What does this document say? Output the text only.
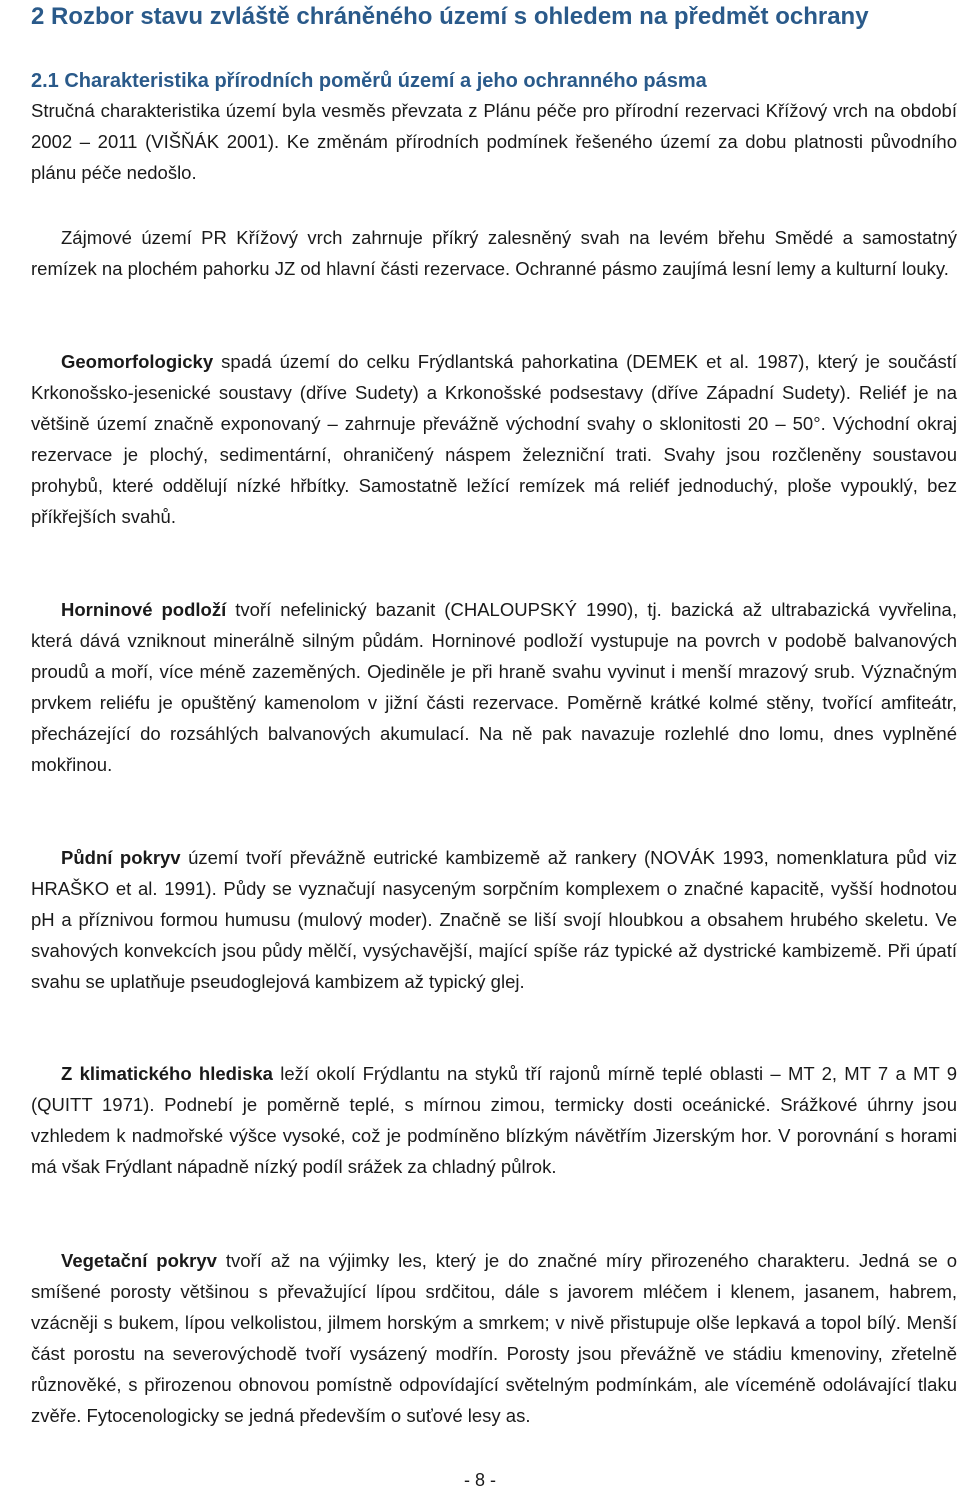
2 Rozbor stavu zvláště chráněného území s ohledem na předmět ochrany
2.1 Charakteristika přírodních poměrů území a jeho ochranného pásma

Stručná charakteristika území byla vesměs převzata z Plánu péče pro přírodní rezervaci Křížový vrch na období 2002 – 2011 (VIŠŇÁK 2001). Ke změnám přírodních podmínek řešeného území za dobu platnosti původního plánu péče nedošlo.

Zájmové území PR Křížový vrch zahrnuje příkrý zalesněný svah na levém břehu Smědé a samostatný remízek na plochém pahorku JZ od hlavní části rezervace. Ochranné pásmo zaujímá lesní lemy a kulturní louky.

Geomorfologicky spadá území do celku Frýdlantská pahorkatina (DEMEK et al. 1987), který je součástí Krkonošsko-jesenické soustavy (dříve Sudety) a Krkonošské podsestavy (dříve Západní Sudety). Reliéf je na většině území značně exponovaný – zahrnuje převážně východní svahy o sklonitosti 20 – 50°. Východní okraj rezervace je plochý, sedimentární, ohraničený náspem železniční trati. Svahy jsou rozčleněny soustavou prohybů, které oddělují nízké hřbítky. Samostatně ležící remízek má reliéf jednoduchý, ploše vypouklý, bez příkřejších svahů.

Horninové podloží tvoří nefelinický bazanit (CHALOUPSKÝ 1990), tj. bazická až ultrabazická vyvřelina, která dává vzniknout minerálně silným půdám. Horninové podloží vystupuje na povrch v podobě balvanových proudů a moří, více méně zazeměných. Ojediněle je při hraně svahu vyvinut i menší mrazový srub. Význačným prvkem reliéfu je opuštěný kamenolom v jižní části rezervace. Poměrně krátké kolmé stěny, tvořící amfiteátr, přecházející do rozsáhlých balvanových akumulací. Na ně pak navazuje rozlehlé dno lomu, dnes vyplněné mokřinou.

Půdní pokryv území tvoří převážně eutrické kambizemě až rankery (NOVÁK 1993, nomenklatura půd viz HRAŠKO et al. 1991). Půdy se vyznačují nasyceným sorpčním komplexem o značné kapacitě, vyšší hodnotou pH a příznivou formou humusu (mulový moder). Značně se liší svojí hloubkou a obsahem hrubého skeletu. Ve svahových konvekcích jsou půdy mělčí, vysýchavější, mající spíše ráz typické až dystrické kambizemě. Při úpatí svahu se uplatňuje pseudoglejová kambizem až typický glej.

Z klimatického hlediska leží okolí Frýdlantu na styků tří rajonů mírně teplé oblasti – MT 2, MT 7 a MT 9 (QUITT 1971). Podnebí je poměrně teplé, s mírnou zimou, termicky dosti oceánické. Srážkové úhrny jsou vzhledem k nadmořské výšce vysoké, což je podmíněno blízkým návětřím Jizerským hor. V porovnání s horami má však Frýdlant nápadně nízký podíl srážek za chladný půlrok.

Vegetační pokryv tvoří až na výjimky les, který je do značné míry přirozeného charakteru. Jedná se o smíšené porosty většinou s převažující lípou srdčitou, dále s javorem mléčem i klenem, jasanem, habrem, vzácněji s bukem, lípou velkolistou, jilmem horským a smrkem; v nivě přistupuje olše lepkavá a topol bílý. Menší část porostu na severovýchodě tvoří vysázený modřín. Porosty jsou převážně ve stádiu kmenoviny, zřetelně různověké, s přirozenou obnovou pomístně odpovídající světelným podmínkám, ale víceméně odolávající tlaku zvěře. Fytocenologicky se jedná především o suťové lesy as.

- 8 -
